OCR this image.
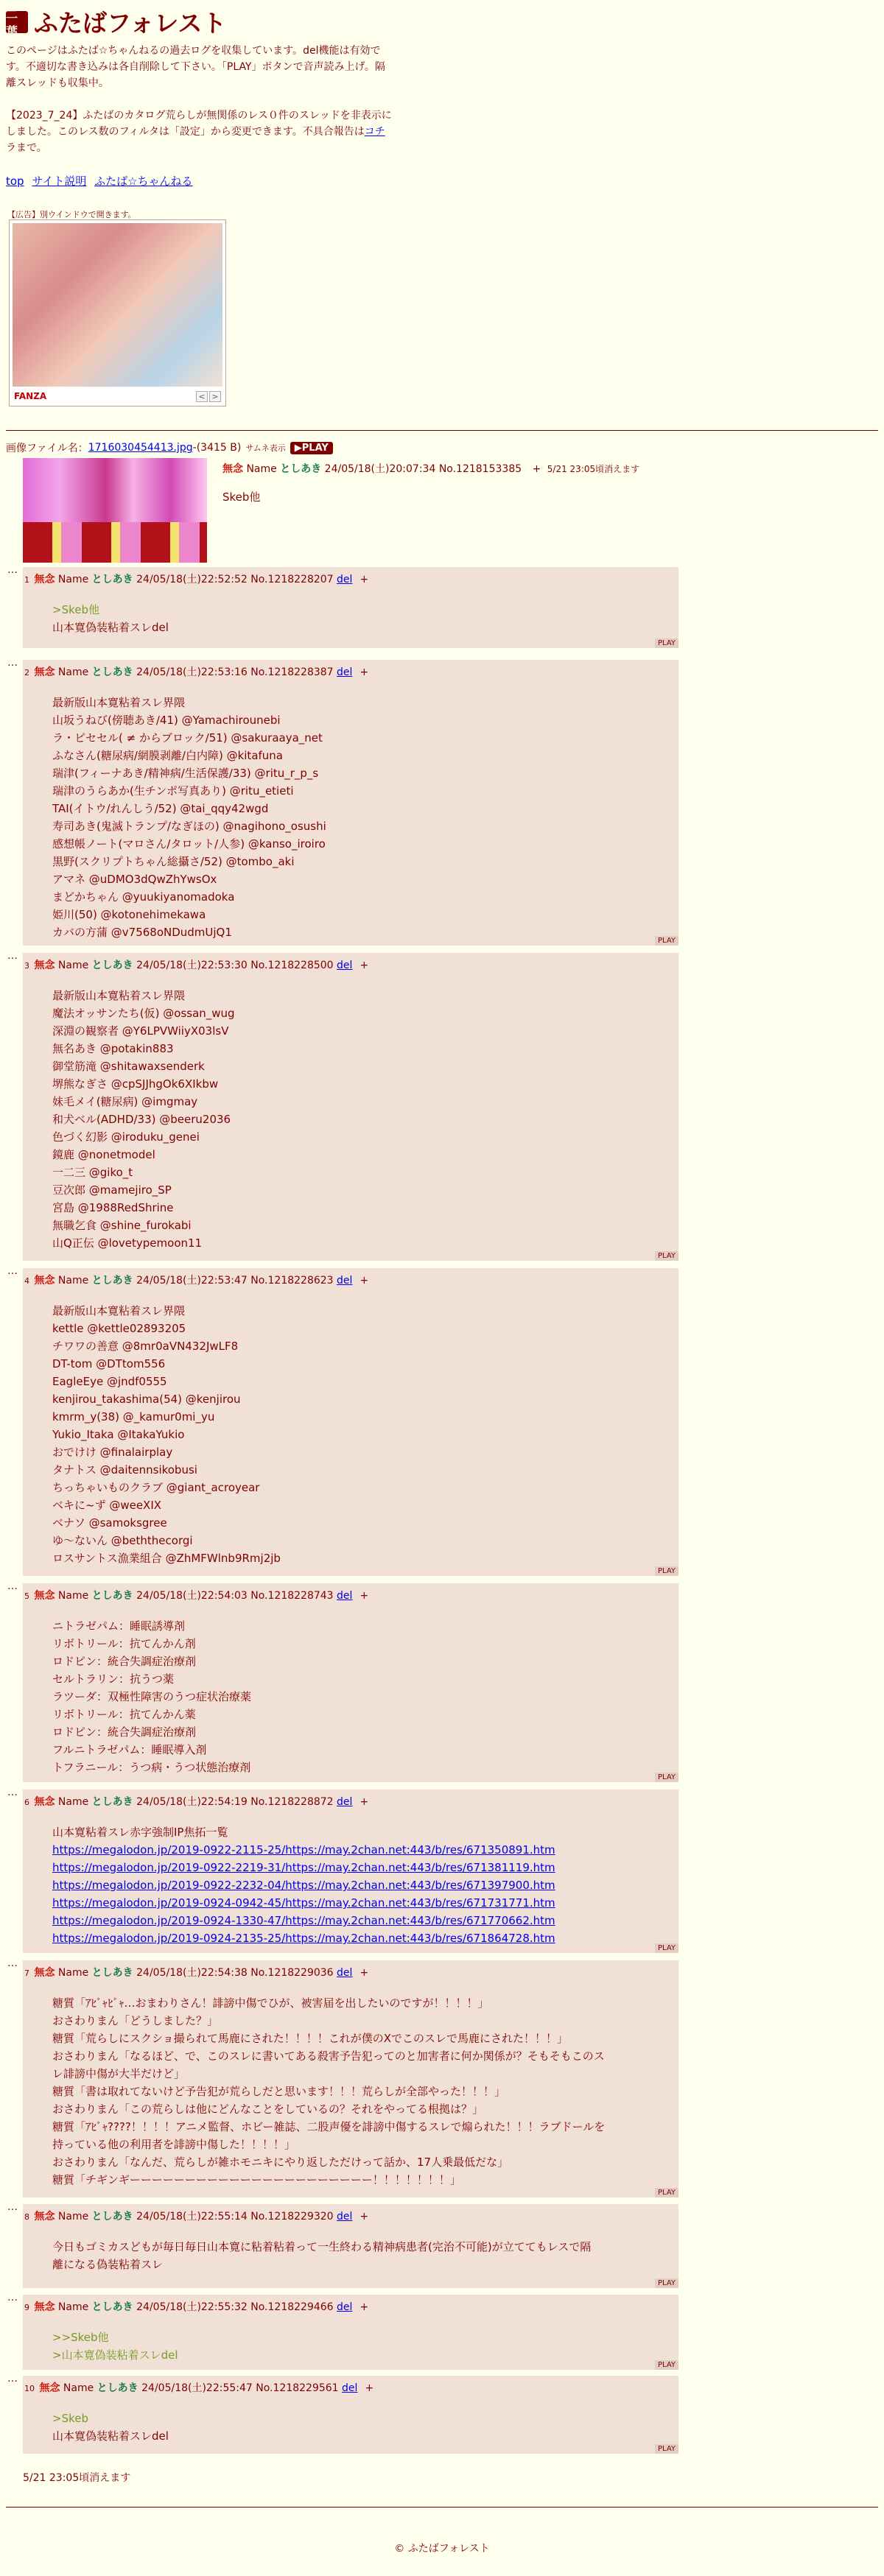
二葉 ふたばフォレスト
このページはふたば☆ちゃんねるの過去ログを収集しています。del機能は有効で
す。不適切な書き込みは各自削除して下さい。「PLAY」ボタンで音声読み上げ。隔
離スレッドも収集中。
【2023_7_24】ふたばのカタログ荒らしが無関係のレス０件のスレッドを非表示に
しました。このレス数のフィルタは「設定」から変更できます。不具合報告はコチ
ラまで。
top サイト説明 ふたば☆ちゃんねる
【広告】別ウインドウで開きます。
FANZA	< >
画像ファイル名： 1716030454413.jpg -(3415 B) サムネ表示 ▶PLAY
無念 Name としあき 24/05/18(土)20:07:34 No.1218153385 + 5/21 23:05頃消えます
Skeb他
…
1 無念 Name としあき 24/05/18(土)22:52:52 No.1218228207 del +
>Skeb他
山本寛偽装粘着スレdel
PLAY
…
2 無念 Name としあき 24/05/18(土)22:53:16 No.1218228387 del +
最新版山本寛粘着スレ界隈
山坂うねび(傍聴あき/41) @Yamachirounebi
ラ・ピセセル( ≠ からブロック/51) @sakuraaya_net
ふなさん(糖尿病/網膜剥離/白内障) @kitafuna
瑞津(フィーナあき/精神病/生活保護/33) @ritu_r_p_s
瑞津のうらあか(生チンポ写真あり) @ritu_etieti
TAI(イトウ/れんしう/52) @tai_qqy42wgd
寿司あき(鬼滅トランプ/なぎほの) @nagihono_osushi
感想帳ノート(マロさん/タロット/人参) @kanso_iroiro
黒野(スクリプトちゃん総攝さ/52) @tombo_aki
アマネ @uDMO3dQwZhYwsOx
まどかちゃん @yuukiyanomadoka
姫川(50) @kotonehimekawa
カバの方蒲 @v7568oNDudmUjQ1
PLAY
…
3 無念 Name としあき 24/05/18(土)22:53:30 No.1218228500 del +
最新版山本寛粘着スレ界隈
魔法オッサンたち(仮) @ossan_wug
深淵の観察者 @Y6LPVWiiyX03lsV
無名あき @potakin883
御堂筋滝 @shitawaxsenderk
堺熊なぎさ @cpSJJhgOk6XIkbw
妹毛メイ(糖尿病) @imgmay
和犬ベル(ADHD/33) @beeru2036
色づく幻影 @iroduku_genei
鏡鹿 @nonetmodel
一二三 @giko_t
豆次郎 @mamejiro_SP
宮島 @1988RedShrine
無職乞食 @shine_furokabi
山Q正伝 @lovetypemoon11
PLAY
…
4 無念 Name としあき 24/05/18(土)22:53:47 No.1218228623 del +
最新版山本寛粘着スレ界隈
kettle @kettle02893205
チワワの善意 @8mr0aVN432JwLF8
DT-tom @DTtom556
EagleEye @jndf0555
kenjirou_takashima(54) @kenjirou
kmrm_y(38) @_kamur0mi_yu
Yukio_Itaka @ItakaYukio
おでけけ @finalairplay
タナトス @daitennsikobusi
ちっちゃいものクラブ @giant_acroyear
ベキに~ず @weeXIX
ベナソ @samoksgree
ゆ～ないん @beththecorgi
ロスサントス漁業組合 @ZhMFWlnb9Rmj2jb
PLAY
…
5 無念 Name としあき 24/05/18(土)22:54:03 No.1218228743 del +
ニトラゼパム：睡眠誘導剤
リボトリール：抗てんかん剤
ロドピン：統合失調症治療剤
セルトラリン：抗うつ薬
ラツーダ：双極性障害のうつ症状治療薬
リボトリール：抗てんかん薬
ロドピン：統合失調症治療剤
フルニトラゼパム：睡眠導入剤
トフラニール：うつ病・うつ状態治療剤
PLAY
…
6 無念 Name としあき 24/05/18(土)22:54:19 No.1218228872 del +
山本寛粘着スレ赤字強制IP焦拓一覧
https://megalodon.jp/2019-0922-2115-25/https://may.2chan.net:443/b/res/671350891.htm
https://megalodon.jp/2019-0922-2219-31/https://may.2chan.net:443/b/res/671381119.htm
https://megalodon.jp/2019-0922-2232-04/https://may.2chan.net:443/b/res/671397900.htm
https://megalodon.jp/2019-0924-0942-45/https://may.2chan.net:443/b/res/671731771.htm
https://megalodon.jp/2019-0924-1330-47/https://may.2chan.net:443/b/res/671770662.htm
https://megalodon.jp/2019-0924-2135-25/https://may.2chan.net:443/b/res/671864728.htm
PLAY
…
7 無念 Name としあき 24/05/18(土)22:54:38 No.1218229036 del +
糖質「ｱﾋﾞｬﾋﾞｬ…おまわりさん！誹謗中傷でひが、被害届を出したいのですが！！！！」
おさわりまん「どうしました？」
糖質「荒らしにスクショ撮られて馬鹿にされた！！！！これが僕のXでこのスレで馬鹿にされた！！！」
おさわりまん「なるほど、で、このスレに書いてある殺害予告犯ってのと加害者に何か関係が？そもそもこのス
レ誹謗中傷が大半だけど」
糖質「書は取れてないけど予告犯が荒らしだと思います！！！荒らしが全部やった！！！」
おさわりまん「この荒らしは他にどんなことをしているの？それをやってる根拠は？」
糖質「ｱﾋﾞｬ????！！！！アニメ監督、ホビー雑誌、二股声優を誹謗中傷するスレで煽られた！！！ラブドールを
持っている他の利用者を誹謗中傷した！！！！」
おさわりまん「なんだ、荒らしが雑ホモニキにやり返しただけって話か、17人乗最低だな」
糖質「チギンギーーーーーーーーーーーーーーーーーーーーーー！！！！！！！」
PLAY
…
8 無念 Name としあき 24/05/18(土)22:55:14 No.1218229320 del +
今日もゴミカスどもが毎日毎日山本寛に粘着粘着って一生終わる精神病患者(完治不可能)が立ててもレスで隔
離になる偽装粘着スレ
PLAY
…
9 無念 Name としあき 24/05/18(土)22:55:32 No.1218229466 del +
>>Skeb他
>山本寛偽装粘着スレdel
PLAY
…
10 無念 Name としあき 24/05/18(土)22:55:47 No.1218229561 del +
>Skeb
山本寛偽装粘着スレdel
PLAY
5/21 23:05頃消えます
© ふたばフォレスト
